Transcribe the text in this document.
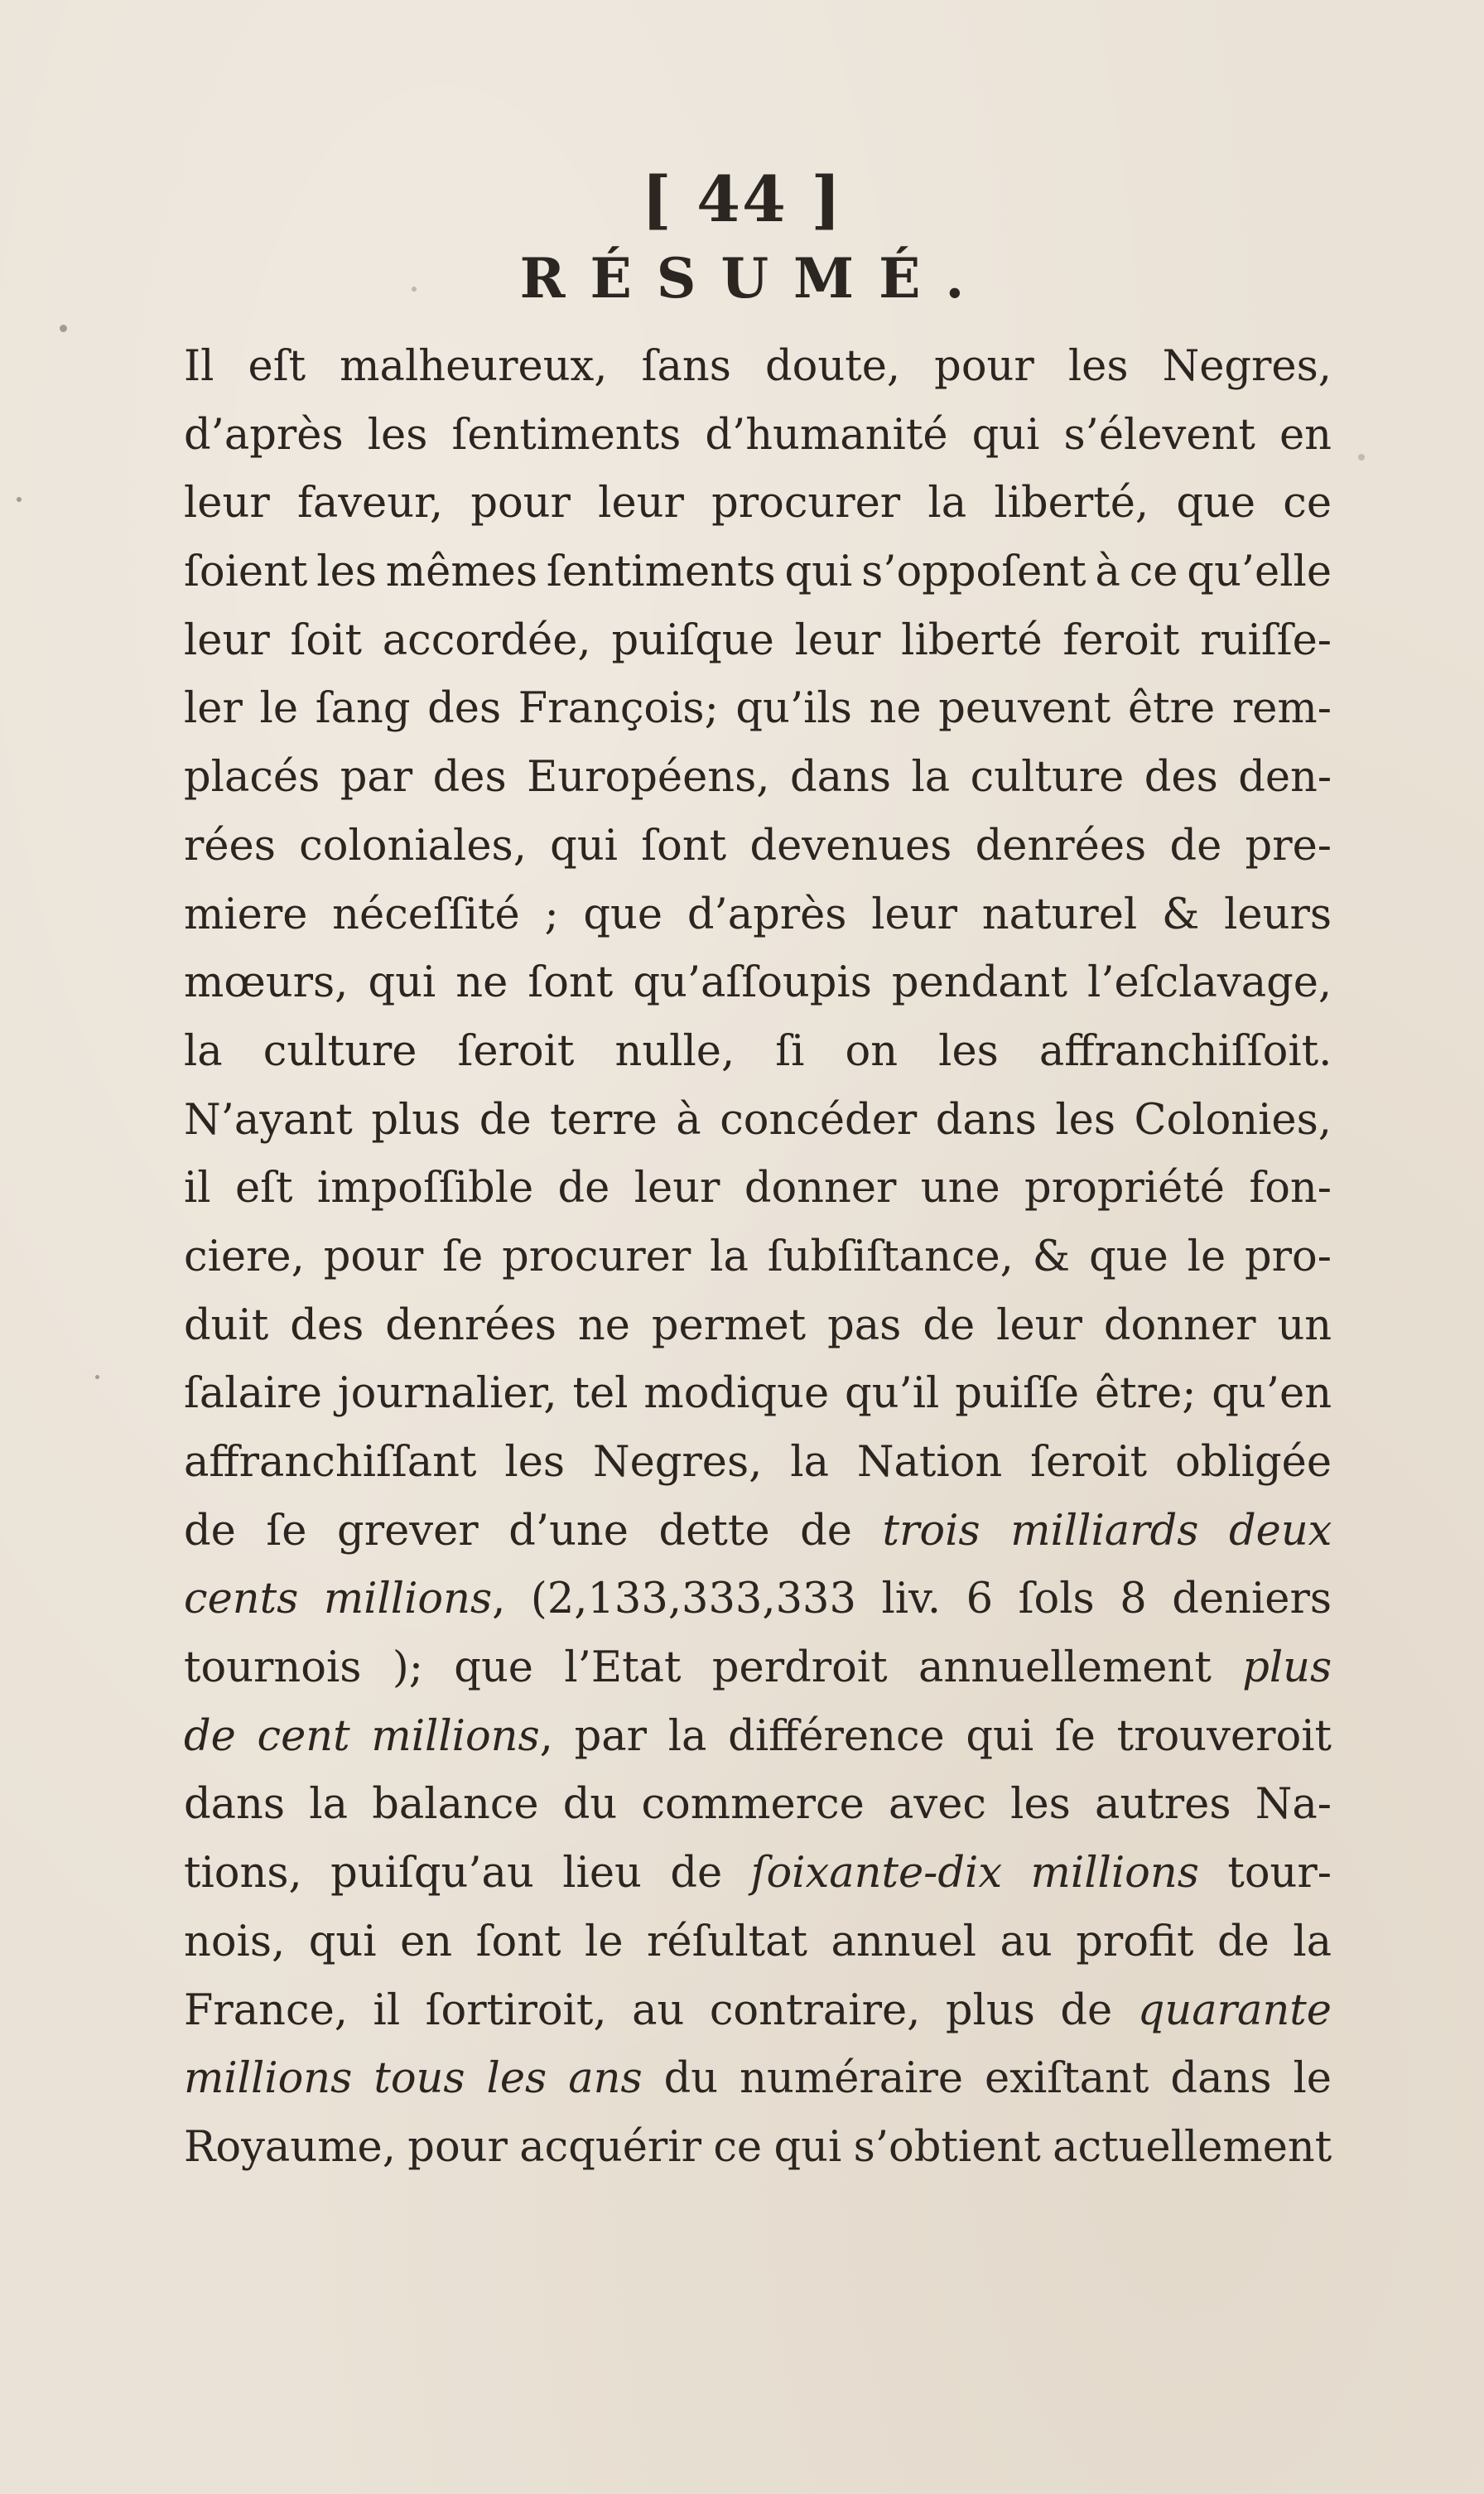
[ 44 ]
RÉSUMÉ.
Il eſt malheureux, ſans doute, pour les Negres,
d’après les ſentiments d’humanité qui s’élevent en
leur faveur, pour leur procurer la liberté, que ce
ſoient les mêmes ſentiments qui s’oppoſent à ce qu’elle
leur ſoit accordée, puiſque leur liberté feroit ruiſſe-
ler le ſang des François; qu’ils ne peuvent être rem-
placés par des Européens, dans la culture des den-
rées coloniales, qui ſont devenues denrées de pre-
miere néceſſité ; que d’après leur naturel & leurs
mœurs, qui ne ſont qu’aſſoupis pendant l’eſclavage,
la culture ſeroit nulle, ſi on les affranchiſſoit.
N’ayant plus de terre à concéder dans les Colonies,
il eſt impoſſible de leur donner une propriété fon-
ciere, pour ſe procurer la ſubſiſtance, & que le pro-
duit des denrées ne permet pas de leur donner un
ſalaire journalier, tel modique qu’il puiſſe être; qu’en
affranchiſſant les Negres, la Nation ſeroit obligée
de ſe grever d’une dette de trois milliards deux
cents millions, (2,133,333,333 liv. 6 ſols 8 deniers
tournois ); que l’Etat perdroit annuellement plus
de cent millions, par la différence qui ſe trouveroit
dans la balance du commerce avec les autres Na-
tions, puiſqu’au lieu de ſoixante-dix millions tour-
nois, qui en ſont le réſultat annuel au profit de la
France, il ſortiroit, au contraire, plus de quarante
millions tous les ans du numéraire exiſtant dans le
Royaume, pour acquérir ce qui s’obtient actuellement
